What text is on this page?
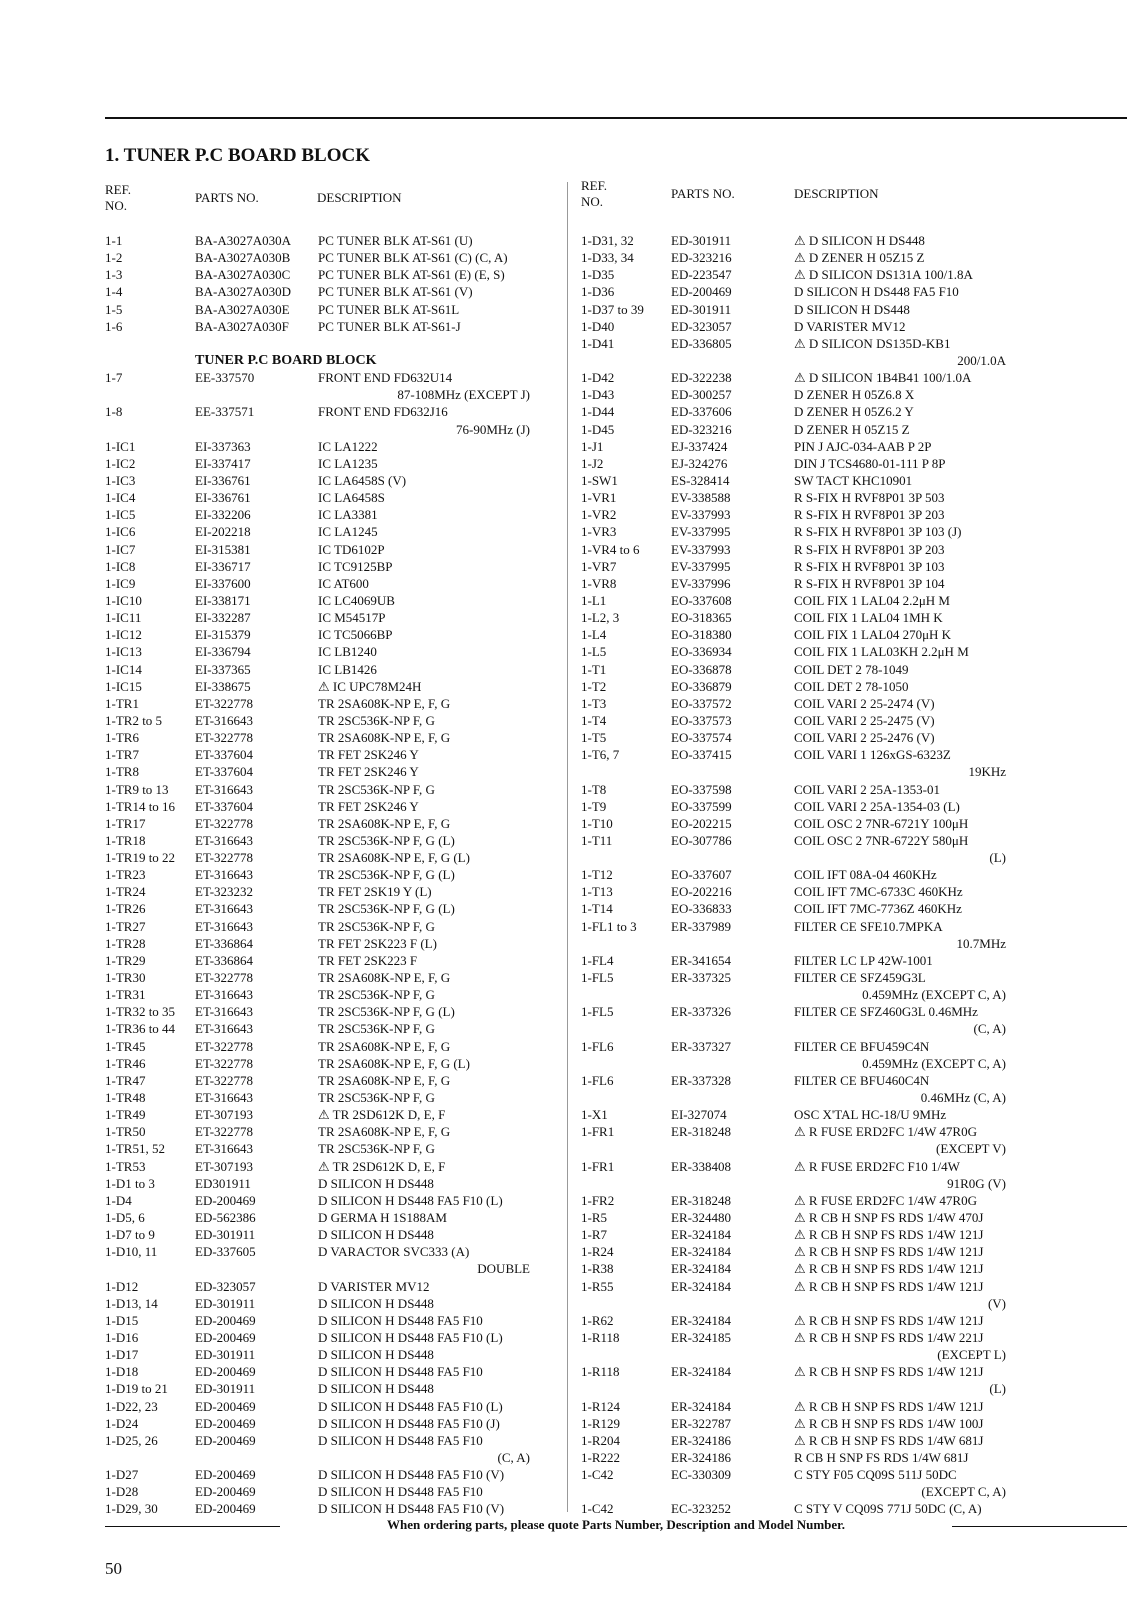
1. TUNER P.C BOARD BLOCK
REF.
NO.
PARTS NO.	DESCRIPTION
REF.
NO.
PARTS NO.	DESCRIPTION
1-1	BA-A3027A030A PC TUNER BLK AT-S61 (U)
1-2	BA-A3027A030B PC TUNER BLK AT-S61 (C) (C, A)
1-3	BA-A3027A030C PC TUNER BLK AT-S61 (E) (E, S)
1-4	BA-A3027A030D PC TUNER BLK AT-S61 (V)
1-5	BA-A3027A030E PC TUNER BLK AT-S61L
1-6	BA-A3027A030F PC TUNER BLK AT-S61-J
TUNER P.C BOARD BLOCK
1-7	EE-337570	FRONT END FD632U14
87-108MHz (EXCEPT J)
1-8	EE-337571	FRONT END FD632J16
76-90MHz (J)
1-IC1	EI-337363	IC LA1222
1-IC2	EI-337417	IC LA1235
1-IC3	EI-336761	IC LA6458S (V)
1-IC4	EI-336761	IC LA6458S
1-IC5	EI-332206	IC LA3381
1-IC6	EI-202218	IC LA1245
1-IC7	EI-315381	IC TD6102P
1-IC8	EI-336717	IC TC9125BP
1-IC9	EI-337600	IC AT600
1-IC10	EI-338171	IC LC4069UB
1-IC11	EI-332287	IC M54517P
1-IC12	EI-315379	IC TC5066BP
1-IC13	EI-336794	IC LB1240
1-IC14	EI-337365	IC LB1426
1-IC15	EI-338675	⚠ IC UPC78M24H
1-TR1	ET-322778	TR 2SA608K-NP E, F, G
1-TR2 to 5	ET-316643	TR 2SC536K-NP F, G
1-TR6	ET-322778	TR 2SA608K-NP E, F, G
1-TR7	ET-337604	TR FET 2SK246 Y
1-TR8	ET-337604	TR FET 2SK246 Y
1-TR9 to 13 ET-316643	TR 2SC536K-NP F, G
1-TR14 to 16 ET-337604	TR FET 2SK246 Y
1-TR17	ET-322778	TR 2SA608K-NP E, F, G
1-TR18	ET-316643	TR 2SC536K-NP F, G (L)
1-TR19 to 22 ET-322778	TR 2SA608K-NP E, F, G (L)
1-TR23	ET-316643	TR 2SC536K-NP F, G (L)
1-TR24	ET-323232	TR FET 2SK19 Y (L)
1-TR26	ET-316643	TR 2SC536K-NP F, G (L)
1-TR27	ET-316643	TR 2SC536K-NP F, G
1-TR28	ET-336864	TR FET 2SK223 F (L)
1-TR29	ET-336864	TR FET 2SK223 F
1-TR30	ET-322778	TR 2SA608K-NP E, F, G
1-TR31	ET-316643	TR 2SC536K-NP F, G
1-TR32 to 35 ET-316643	TR 2SC536K-NP F, G (L)
1-TR36 to 44 ET-316643	TR 2SC536K-NP F, G
1-TR45	ET-322778	TR 2SA608K-NP E, F, G
1-TR46	ET-322778	TR 2SA608K-NP E, F, G (L)
1-TR47	ET-322778	TR 2SA608K-NP E, F, G
1-TR48	ET-316643	TR 2SC536K-NP F, G
1-TR49	ET-307193	⚠ TR 2SD612K D, E, F
1-TR50	ET-322778	TR 2SA608K-NP E, F, G
1-TR51, 52 ET-316643	TR 2SC536K-NP F, G
1-TR53	ET-307193	⚠ TR 2SD612K D, E, F
1-D1 to 3	ED301911	D SILICON H DS448
1-D4	ED-200469	D SILICON H DS448 FA5 F10 (L)
1-D5, 6	ED-562386	D GERMA H 1S188AM
1-D7 to 9	ED-301911	D SILICON H DS448
1-D10, 11	ED-337605	D VARACTOR SVC333 (A)
DOUBLE
1-D12	ED-323057	D VARISTER MV12
1-D13, 14	ED-301911	D SILICON H DS448
1-D15	ED-200469	D SILICON H DS448 FA5 F10
1-D16	ED-200469	D SILICON H DS448 FA5 F10 (L)
1-D17	ED-301911	D SILICON H DS448
1-D18	ED-200469	D SILICON H DS448 FA5 F10
1-D19 to 21 ED-301911	D SILICON H DS448
1-D22, 23	ED-200469	D SILICON H DS448 FA5 F10 (L)
1-D24	ED-200469	D SILICON H DS448 FA5 F10 (J)
1-D25, 26	ED-200469	D SILICON H DS448 FA5 F10
(C, A)
1-D27	ED-200469	D SILICON H DS448 FA5 F10 (V)
1-D28	ED-200469	D SILICON H DS448 FA5 F10
1-D29, 30	ED-200469	D SILICON H DS448 FA5 F10 (V)
1-D31, 32	ED-301911	⚠ D SILICON H DS448
1-D33, 34	ED-323216	⚠ D ZENER H 05Z15 Z
1-D35	ED-223547	⚠ D SILICON DS131A 100/1.8A
1-D36	ED-200469	D SILICON H DS448 FA5 F10
1-D37 to 39 ED-301911	D SILICON H DS448
1-D40	ED-323057	D VARISTER MV12
1-D41	ED-336805	⚠ D SILICON DS135D-KB1
200/1.0A
1-D42	ED-322238	⚠ D SILICON 1B4B41 100/1.0A
1-D43	ED-300257	D ZENER H 05Z6.8 X
1-D44	ED-337606	D ZENER H 05Z6.2 Y
1-D45	ED-323216	D ZENER H 05Z15 Z
1-J1	EJ-337424	PIN J AJC-034-AAB P 2P
1-J2	EJ-324276	DIN J TCS4680-01-111 P 8P
1-SW1	ES-328414	SW TACT KHC10901
1-VR1	EV-338588	R S-FIX H RVF8P01 3P 503
1-VR2	EV-337993	R S-FIX H RVF8P01 3P 203
1-VR3	EV-337995	R S-FIX H RVF8P01 3P 103 (J)
1-VR4 to 6 EV-337993	R S-FIX H RVF8P01 3P 203
1-VR7	EV-337995	R S-FIX H RVF8P01 3P 103
1-VR8	EV-337996	R S-FIX H RVF8P01 3P 104
1-L1	EO-337608	COIL FIX 1 LAL04 2.2μH M
1-L2, 3	EO-318365	COIL FIX 1 LAL04 1MH K
1-L4	EO-318380	COIL FIX 1 LAL04 270μH K
1-L5	EO-336934	COIL FIX 1 LAL03KH 2.2μH M
1-T1	EO-336878	COIL DET 2 78-1049
1-T2	EO-336879	COIL DET 2 78-1050
1-T3	EO-337572	COIL VARI 2 25-2474 (V)
1-T4	EO-337573	COIL VARI 2 25-2475 (V)
1-T5	EO-337574	COIL VARI 2 25-2476 (V)
1-T6, 7	EO-337415	COIL VARI 1 126xGS-6323Z
19KHz
1-T8	EO-337598	COIL VARI 2 25A-1353-01
1-T9	EO-337599	COIL VARI 2 25A-1354-03 (L)
1-T10	EO-202215	COIL OSC 2 7NR-6721Y 100μH
1-T11	EO-307786	COIL OSC 2 7NR-6722Y 580μH
(L)
1-T12	EO-337607	COIL IFT 08A-04 460KHz
1-T13	EO-202216	COIL IFT 7MC-6733C 460KHz
1-T14	EO-336833	COIL IFT 7MC-7736Z 460KHz
1-FL1 to 3	ER-337989	FILTER CE SFE10.7MPKA
10.7MHz
1-FL4	ER-341654	FILTER LC LP 42W-1001
1-FL5	ER-337325	FILTER CE SFZ459G3L
0.459MHz (EXCEPT C, A)
1-FL5	ER-337326	FILTER CE SFZ460G3L 0.46MHz
(C, A)
1-FL6	ER-337327	FILTER CE BFU459C4N
0.459MHz (EXCEPT C, A)
1-FL6	ER-337328	FILTER CE BFU460C4N
0.46MHz (C, A)
1-X1	EI-327074	OSC X'TAL HC-18/U 9MHz
1-FR1	ER-318248	⚠ R FUSE ERD2FC 1/4W 47R0G
(EXCEPT V)
1-FR1	ER-338408	⚠ R FUSE ERD2FC F10 1/4W
91R0G (V)
1-FR2	ER-318248	⚠ R FUSE ERD2FC 1/4W 47R0G
1-R5	ER-324480	⚠ R CB H SNP FS RDS 1/4W 470J
1-R7	ER-324184	⚠ R CB H SNP FS RDS 1/4W 121J
1-R24	ER-324184	⚠ R CB H SNP FS RDS 1/4W 121J
1-R38	ER-324184	⚠ R CB H SNP FS RDS 1/4W 121J
1-R55	ER-324184	⚠ R CB H SNP FS RDS 1/4W 121J
(V)
1-R62	ER-324184	⚠ R CB H SNP FS RDS 1/4W 121J
1-R118	ER-324185	⚠ R CB H SNP FS RDS 1/4W 221J
(EXCEPT L)
1-R118	ER-324184	⚠ R CB H SNP FS RDS 1/4W 121J
(L)
1-R124	ER-324184	⚠ R CB H SNP FS RDS 1/4W 121J
1-R129	ER-322787	⚠ R CB H SNP FS RDS 1/4W 100J
1-R204	ER-324186	⚠ R CB H SNP FS RDS 1/4W 681J
1-R222	ER-324186	R CB H SNP FS RDS 1/4W 681J
1-C42	EC-330309	C STY F05 CQ09S 511J 50DC
(EXCEPT C, A)
1-C42	EC-323252	C STY V CQ09S 771J 50DC (C, A)
When ordering parts, please quote Parts Number, Description and Model Number.
50
